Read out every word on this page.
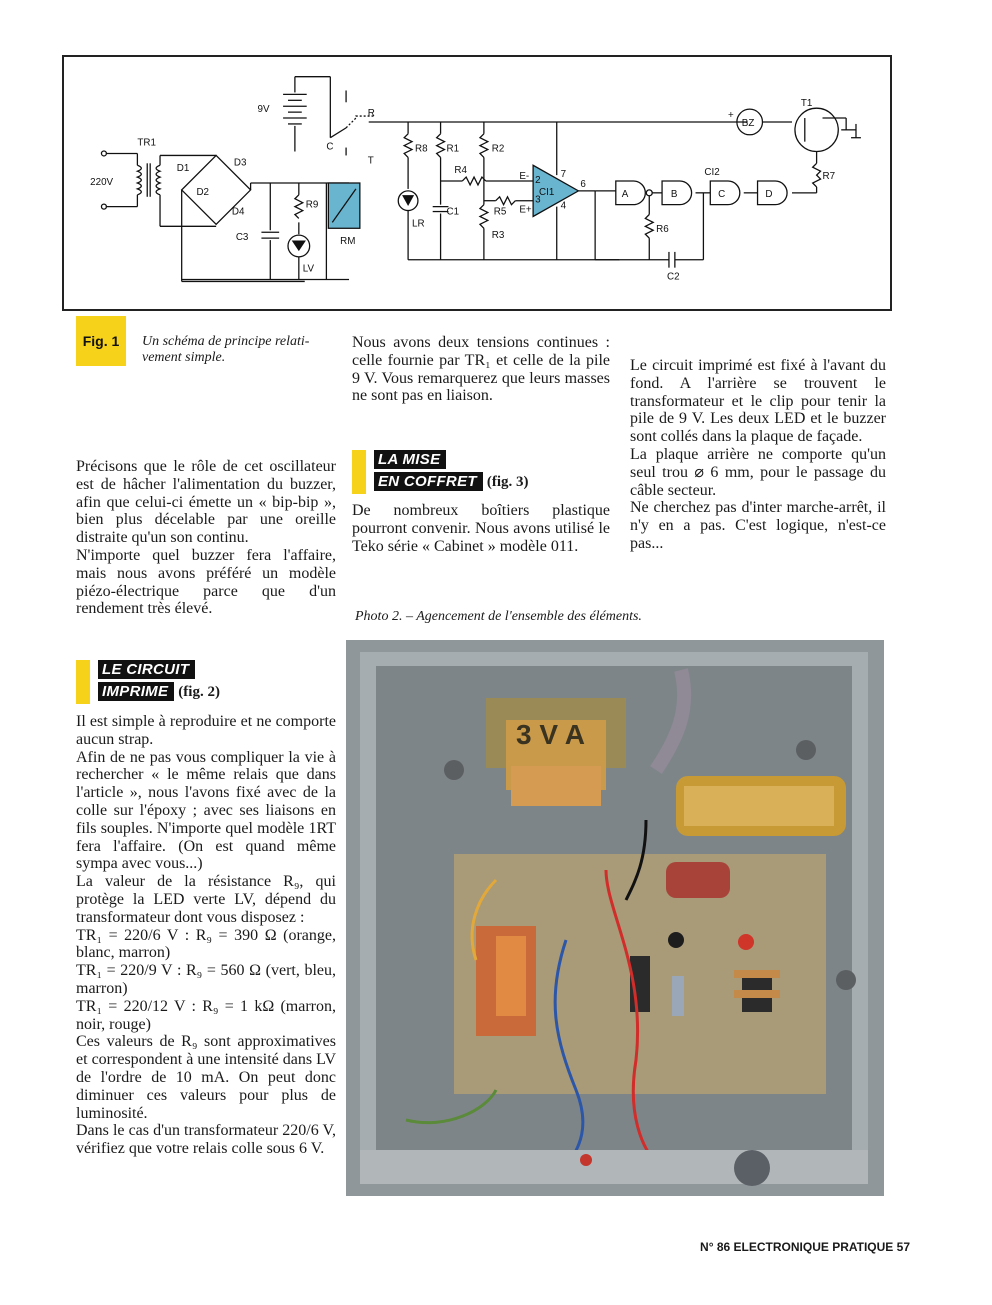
9V
TR1
220V
D1
D2
D3
D4
C3
R9
LV
RM
C
R
T
R8
LR
R1
R4
C1
R2
R5
R3
CI1
E-
E+
2
3
4
6
7
BZ
+
T1
R7
CI2
A	B	C	D
R6
C2
Fig. 1	Un schéma de principe relati- vement simple.

Précisons que le rôle de cet oscillateur est de hâcher l'alimentation du buzzer, afin que celui-ci émette un « bip-bip », bien plus décelable par une oreille distraite qu'un son continu.

N'importe quel buzzer fera l'affaire, mais nous avons préféré un modèle piézo-électrique parce que d'un rendement très élevé.

LE CIRCUIT
IMPRIME (fig. 2)

Il est simple à reproduire et ne comporte aucun strap.

Afin de ne pas vous compliquer la vie à rechercher « le même relais que dans l'article », nous l'avons fixé avec de la colle sur l'époxy ; avec ses liaisons en fils souples. N'importe quel modèle 1RT fera l'affaire. (On est quand même sympa avec vous...)

La valeur de la résistance R₉, qui protège la LED verte LV, dépend du transformateur dont vous disposez :

TR₁ = 220/6 V : R₉ = 390 Ω (orange, blanc, marron)

TR₁ = 220/9 V : R₉ = 560 Ω (vert, bleu, marron)

TR₁ = 220/12 V : R₉ = 1 kΩ (marron, noir, rouge)

Ces valeurs de R₉ sont approximatives et correspondent à une intensité dans LV de l'ordre de 10 mA. On peut donc diminuer ces valeurs pour plus de luminosité.

Dans le cas d'un transformateur 220/6 V, vérifiez que votre relais colle sous 6 V.

Nous avons deux tensions continues : celle fournie par TR₁ et celle de la pile 9 V. Vous remarquerez que leurs masses ne sont pas en liaison.

LA MISE
EN COFFRET (fig. 3)

De nombreux boîtiers plastique pourront convenir. Nous avons utilisé le Teko série « Cabinet » modèle 011.

Le circuit imprimé est fixé à l'avant du fond. A l'arrière se trouvent le transformateur et le clip pour tenir la pile de 9 V. Les deux LED et le buzzer sont collés dans la plaque de façade.

La plaque arrière ne comporte qu'un seul trou ⌀ 6 mm, pour le passage du câble secteur.

Ne cherchez pas d'inter marche-arrêt, il n'y en a pas. C'est logique, n'est-ce pas...

Photo 2. – Agencement de l'ensemble des éléments.
3 V A
N° 86 ELECTRONIQUE PRATIQUE 57
